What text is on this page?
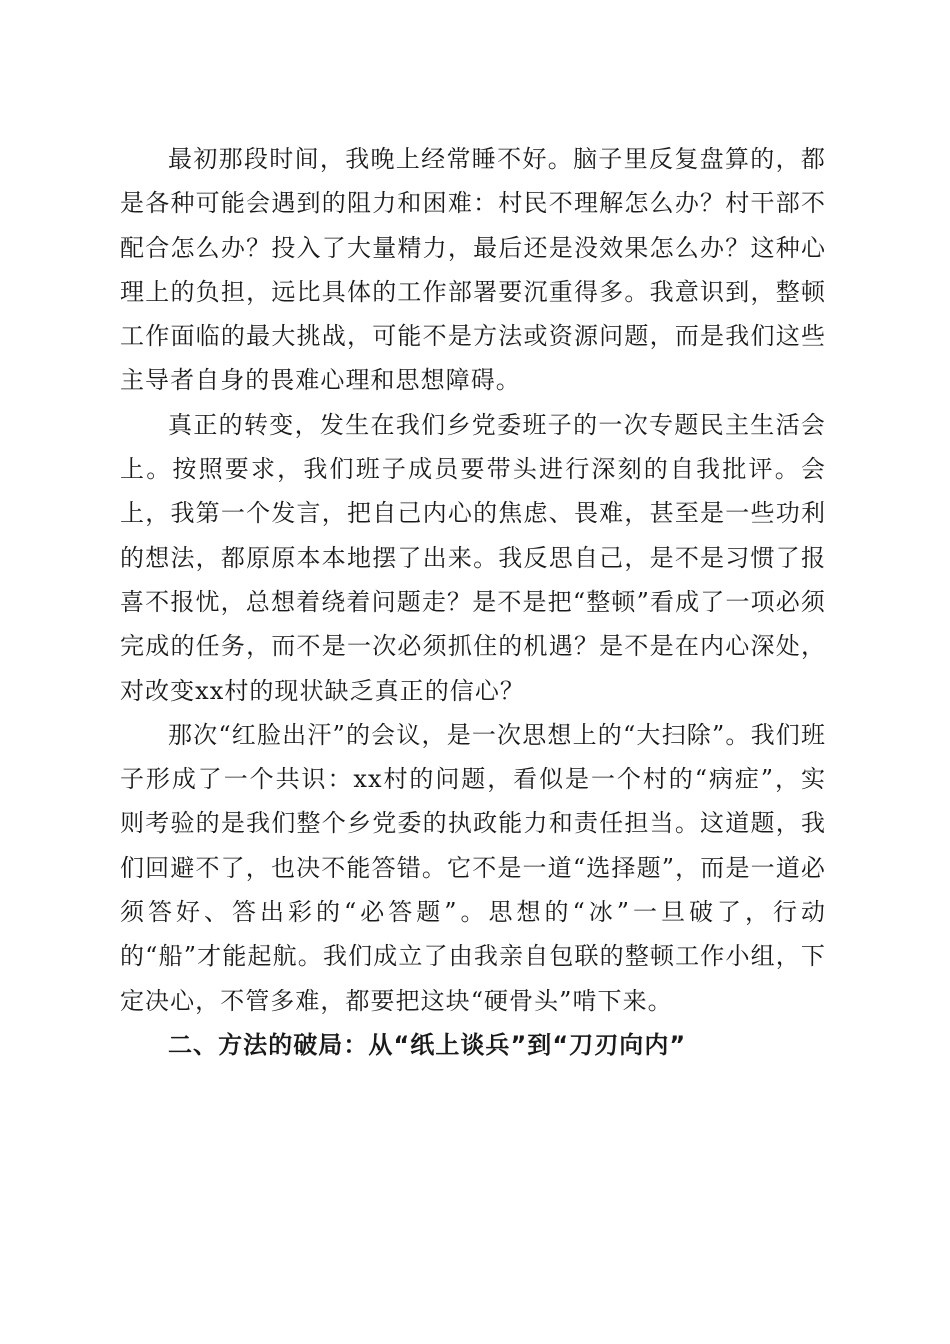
最初那段时间，我晚上经常睡不好。脑子里反复盘算的，都是各种可能会遇到的阻力和困难：村民不理解怎么办？村干部不配合怎么办？投入了大量精力，最后还是没效果怎么办？这种心理上的负担，远比具体的工作部署要沉重得多。我意识到，整顿工作面临的最大挑战，可能不是方法或资源问题，而是我们这些主导者自身的畏难心理和思想障碍。

真正的转变，发生在我们乡党委班子的一次专题民主生活会上。按照要求，我们班子成员要带头进行深刻的自我批评。会上，我第一个发言，把自己内心的焦虑、畏难，甚至是一些功利的想法，都原原本本地摆了出来。我反思自己，是不是习惯了报喜不报忧，总想着绕着问题走？是不是把“整顿”看成了一项必须完成的任务，而不是一次必须抓住的机遇？是不是在内心深处，对改变xx村的现状缺乏真正的信心？

那次“红脸出汗”的会议，是一次思想上的“大扫除”。我们班子形成了一个共识：xx村的问题，看似是一个村的“病症”，实则考验的是我们整个乡党委的执政能力和责任担当。这道题，我们回避不了，也决不能答错。它不是一道“选择题”，而是一道必须答好、答出彩的“必答题”。思想的“冰”一旦破了，行动的“船”才能起航。我们成立了由我亲自包联的整顿工作小组，下定决心，不管多难，都要把这块“硬骨头”啃下来。

二、方法的破局：从“纸上谈兵”到“刀刃向内”
